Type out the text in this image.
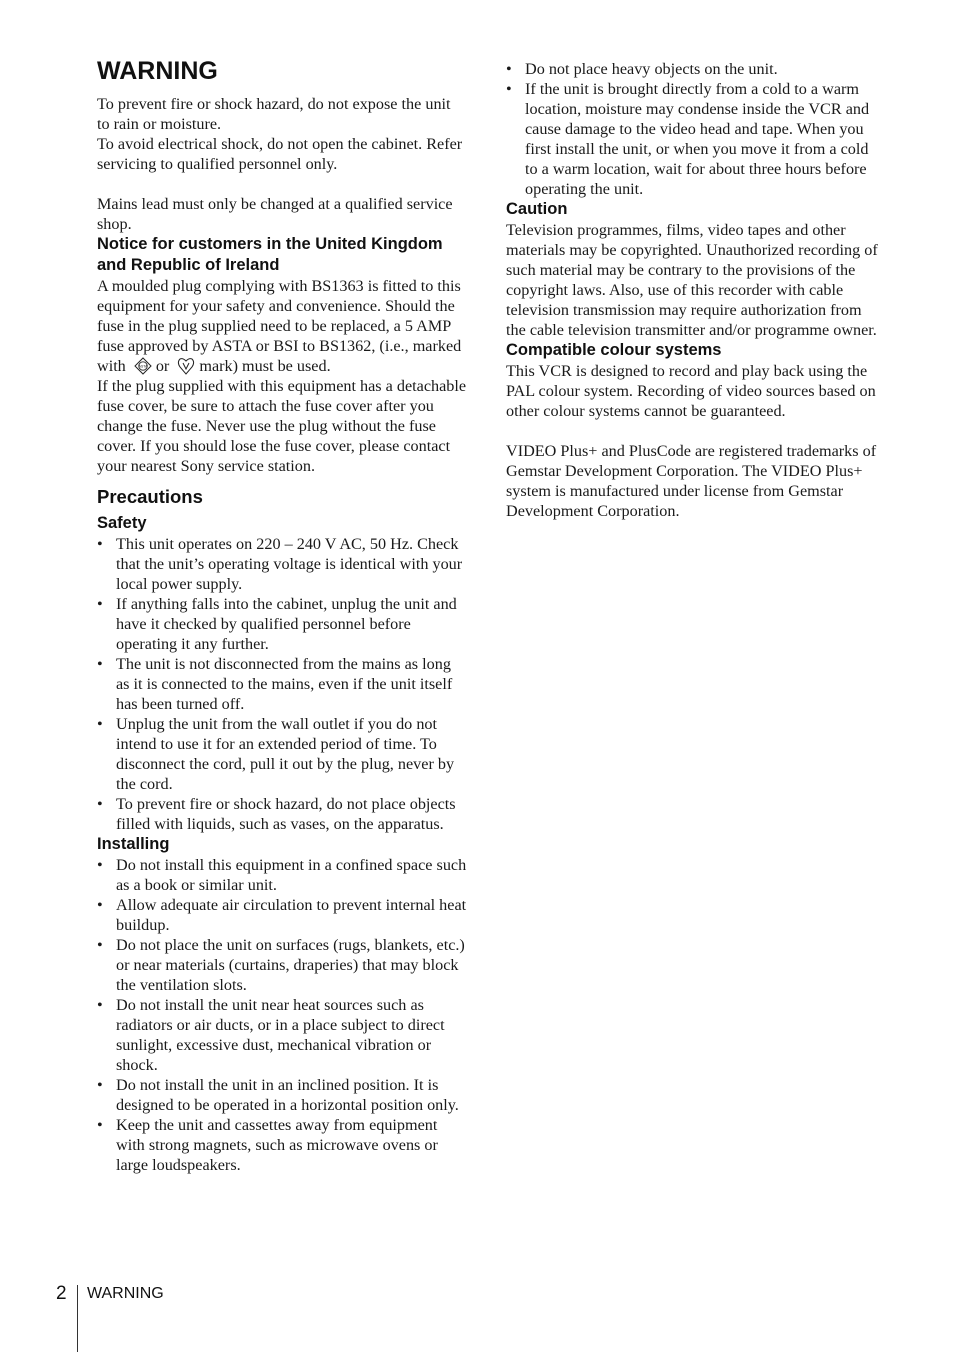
WARNING

To prevent fire or shock hazard, do not expose the unit to rain or moisture.

To avoid electrical shock, do not open the cabinet. Refer servicing to qualified personnel only.

Mains lead must only be changed at a qualified service shop.

Notice for customers in the United Kingdom and Republic of Ireland

A moulded plug complying with BS1363 is fitted to this equipment for your safety and convenience. Should the fuse in the plug supplied need to be replaced, a 5 AMP fuse approved by ASTA or BSI to BS1362, (i.e., marked with	ASTA or mark) must be used.

If the plug supplied with this equipment has a detachable fuse cover, be sure to attach the fuse cover after you change the fuse. Never use the plug without the fuse cover. If you should lose the fuse cover, please contact your nearest Sony service station.

Precautions
Safety
• This unit operates on 220 – 240 V AC, 50 Hz. Check that the unit’s operating voltage is identical with your local power supply.
• If anything falls into the cabinet, unplug the unit and have it checked by qualified personnel before operating it any further.
• The unit is not disconnected from the mains as long as it is connected to the mains, even if the unit itself has been turned off.
• Unplug the unit from the wall outlet if you do not intend to use it for an extended period of time. To disconnect the cord, pull it out by the plug, never by the cord.
• To prevent fire or shock hazard, do not place objects filled with liquids, such as vases, on the apparatus.
Installing
• Do not install this equipment in a confined space such as a book or similar unit.
• Allow adequate air circulation to prevent internal heat buildup.
• Do not place the unit on surfaces (rugs, blankets, etc.) or near materials (curtains, draperies) that may block the ventilation slots.
• Do not install the unit near heat sources such as radiators or air ducts, or in a place subject to direct sunlight, excessive dust, mechanical vibration or shock.
• Do not install the unit in an inclined position. It is designed to be operated in a horizontal position only.
• Keep the unit and cassettes away from equipment with strong magnets, such as microwave ovens or large loudspeakers.
• Do not place heavy objects on the unit.
• If the unit is brought directly from a cold to a warm location, moisture may condense inside the VCR and cause damage to the video head and tape. When you first install the unit, or when you move it from a cold to a warm location, wait for about three hours before operating the unit.
Caution

Television programmes, films, video tapes and other materials may be copyrighted. Unauthorized recording of such material may be contrary to the provisions of the copyright laws. Also, use of this recorder with cable television transmission may require authorization from the cable television transmitter and/or programme owner.

Compatible colour systems

This VCR is designed to record and play back using the PAL colour system. Recording of video sources based on other colour systems cannot be guaranteed.

VIDEO Plus+ and PlusCode are registered trademarks of Gemstar Development Corporation. The VIDEO Plus+ system is manufactured under license from Gemstar Development Corporation.

2 WARNING
